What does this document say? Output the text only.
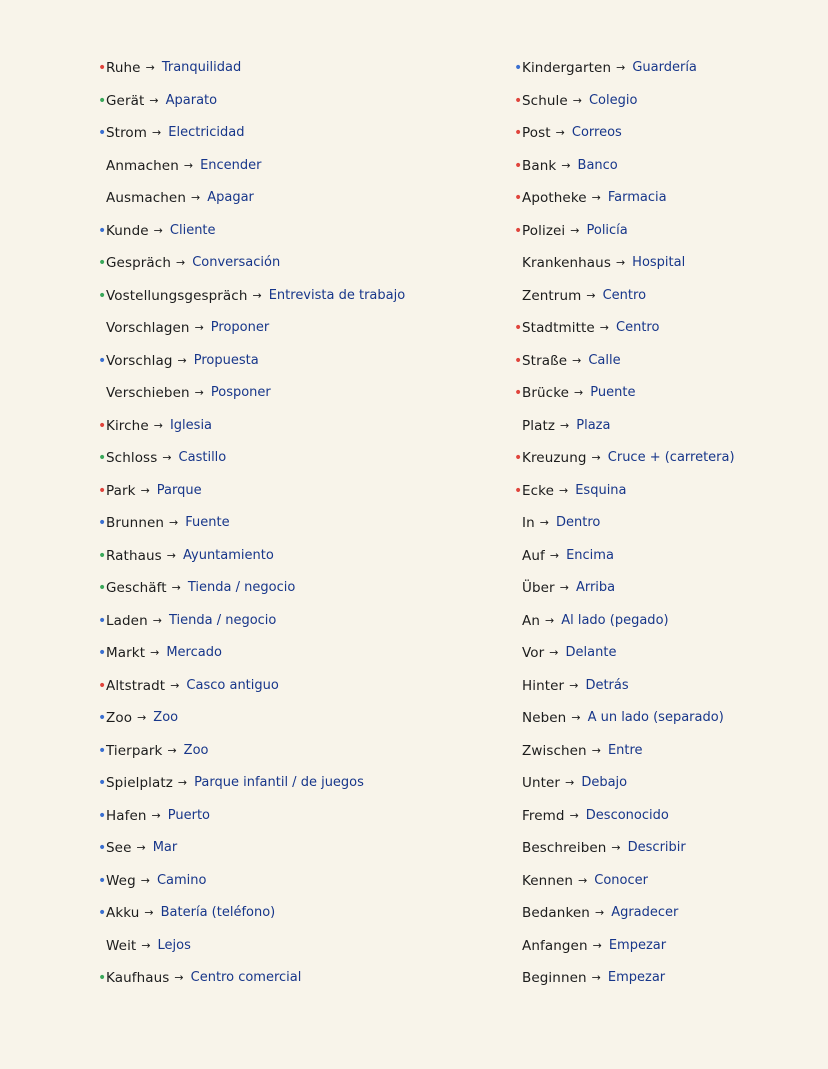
• Ruhe → Tranquilidad
• Gerät → Aparato
• Strom → Electricidad
Anmachen → Encender
Ausmachen → Apagar
• Kunde → Cliente
• Gespräch → Conversación
• Vostellungsgespräch → Entrevista de trabajo
Vorschlagen → Proponer
• Vorschlag → Propuesta
Verschieben → Posponer
• Kirche → Iglesia
• Schloss → Castillo
• Park → Parque
• Brunnen → Fuente
• Rathaus → Ayuntamiento
• Geschäft → Tienda / negocio
• Laden → Tienda / negocio
• Markt → Mercado
• Altstradt → Casco antiguo
• Zoo → Zoo
• Tierpark → Zoo
• Spielplatz → Parque infantil / de juegos
• Hafen → Puerto
• See → Mar
• Weg → Camino
• Akku → Batería (teléfono)
Weit → Lejos
• Kaufhaus → Centro comercial
• Kindergarten → Guardería
• Schule → Colegio
• Post → Correos
• Bank → Banco
• Apotheke → Farmacia
• Polizei → Policía
Krankenhaus → Hospital
Zentrum → Centro
• Stadtmitte → Centro
• Straße → Calle
• Brücke → Puente
Platz → Plaza
• Kreuzung → Cruce + (carretera)
• Ecke → Esquina
In → Dentro
Auf → Encima
Über → Arriba
An → Al lado (pegado)
Vor → Delante
Hinter → Detrás
Neben → A un lado (separado)
Zwischen → Entre
Unter → Debajo
Fremd → Desconocido
Beschreiben → Describir
Kennen → Conocer
Bedanken → Agradecer
Anfangen → Empezar
Beginnen → Empezar
